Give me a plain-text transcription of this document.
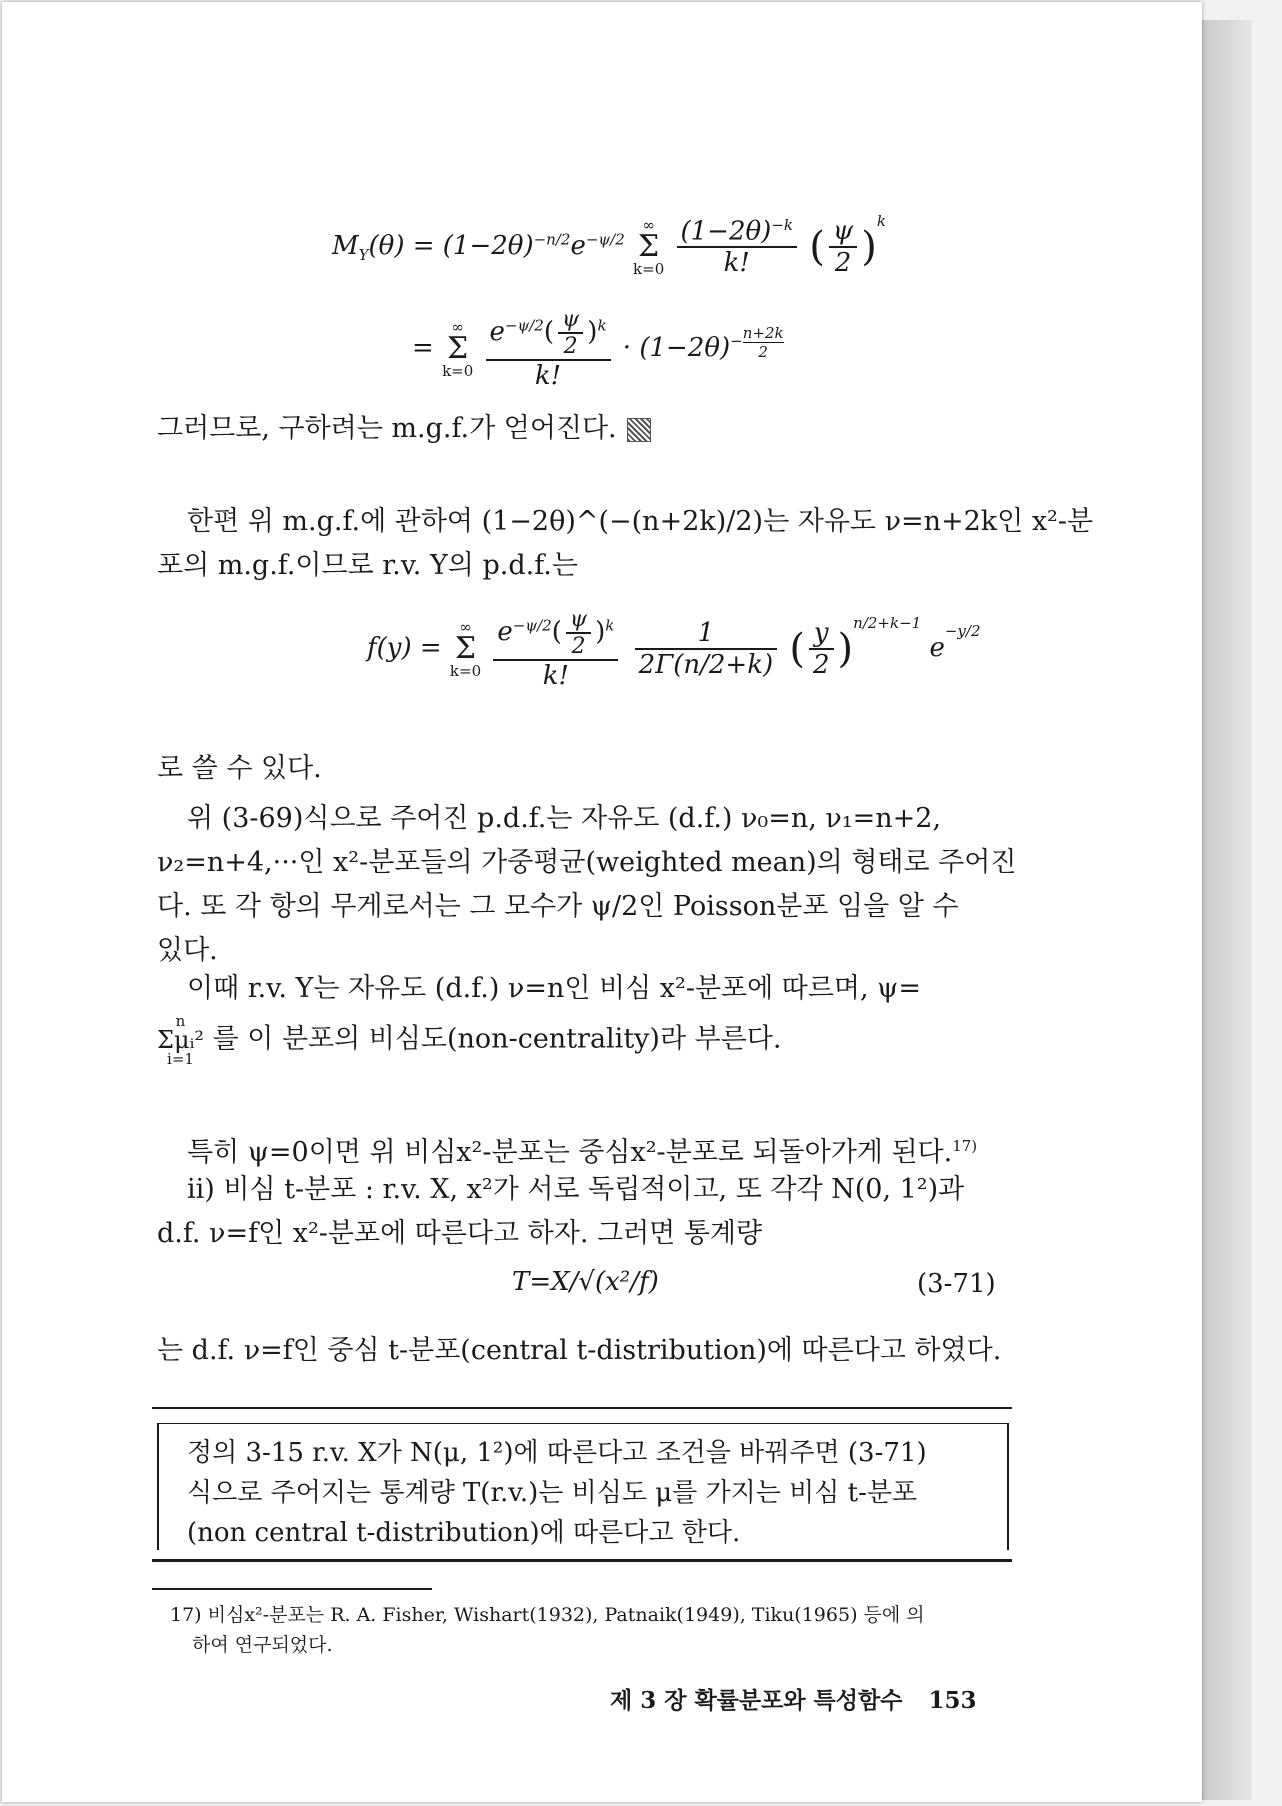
$M_Y(\theta) = (1-2\theta)^{-n/2}e^{-\psi/2}$
∞
Σ
k=0
$\frac{(1-2\theta)^{-k}}{k!}$ ( $\frac{\psi}{2} )^k$
=
∞
Σ
k=0
$\frac{e^{-\psi/2}( \frac{\psi}{2} )^k}{k!} \cdot (1-2\theta)^{- \frac{n+2k}{2}}$
그러므로, 구하려는 m.g.f.가 얻어진다.
한편 위 m.g.f.에 관하여 (1−2θ)^(−(n+2k)/2)는 자유도 ν=n+2k인 x²-분
포의 m.g.f.이므로 r.v. Y의 p.d.f.는
f(y) =
∞
Σ
k=0
$\frac{e^{-\psi/2}( \frac{\psi}{2} )^k}{k!}$
$\frac{1}{2\Gamma(n/2+k)}$ ( $\frac{y}{2} )^{n/2+k-1}$ $e^{-y/2}$
로 쓸 수 있다.
위 (3-69)식으로 주어진 p.d.f.는 자유도 (d.f.) ν₀=n, ν₁=n+2,
ν₂=n+4,···인 x²-분포들의 가중평균(weighted mean)의 형태로 주어진
다. 또 각 항의 무게로서는 그 모수가 ψ/2인 Poisson분포 임을 알 수
있다.
이때 r.v. Y는 자유도 (d.f.) ν=n인 비심 x²-분포에 따르며, ψ=
n
Σμᵢ²
i=1
를 이 분포의 비심도(non-centrality)라 부른다.
특히 ψ=0이면 위 비심x²-분포는 중심x²-분포로 되돌아가게 된다.$^{17)}$
ii) 비심 t-분포 : r.v. X, x²가 서로 독립적이고, 또 각각 N(0, 1²)과
d.f. ν=f인 x²-분포에 따른다고 하자. 그러면 통계량
T=X/√(x²/f)	(3-71)
는 d.f. ν=f인 중심 t-분포(central t-distribution)에 따른다고 하였다.
정의 3-15 r.v. X가 N(μ, 1²)에 따른다고 조건을 바꿔주면 (3-71)
식으로 주어지는 통계량 T(r.v.)는 비심도 μ를 가지는 비심 t-분포
(non central t-distribution)에 따른다고 한다.
17) 비심x²-분포는 R. A. Fisher, Wishart(1932), Patnaik(1949), Tiku(1965) 등에 의
하여 연구되었다.
제 3 장 확률분포와 특성함수 153
